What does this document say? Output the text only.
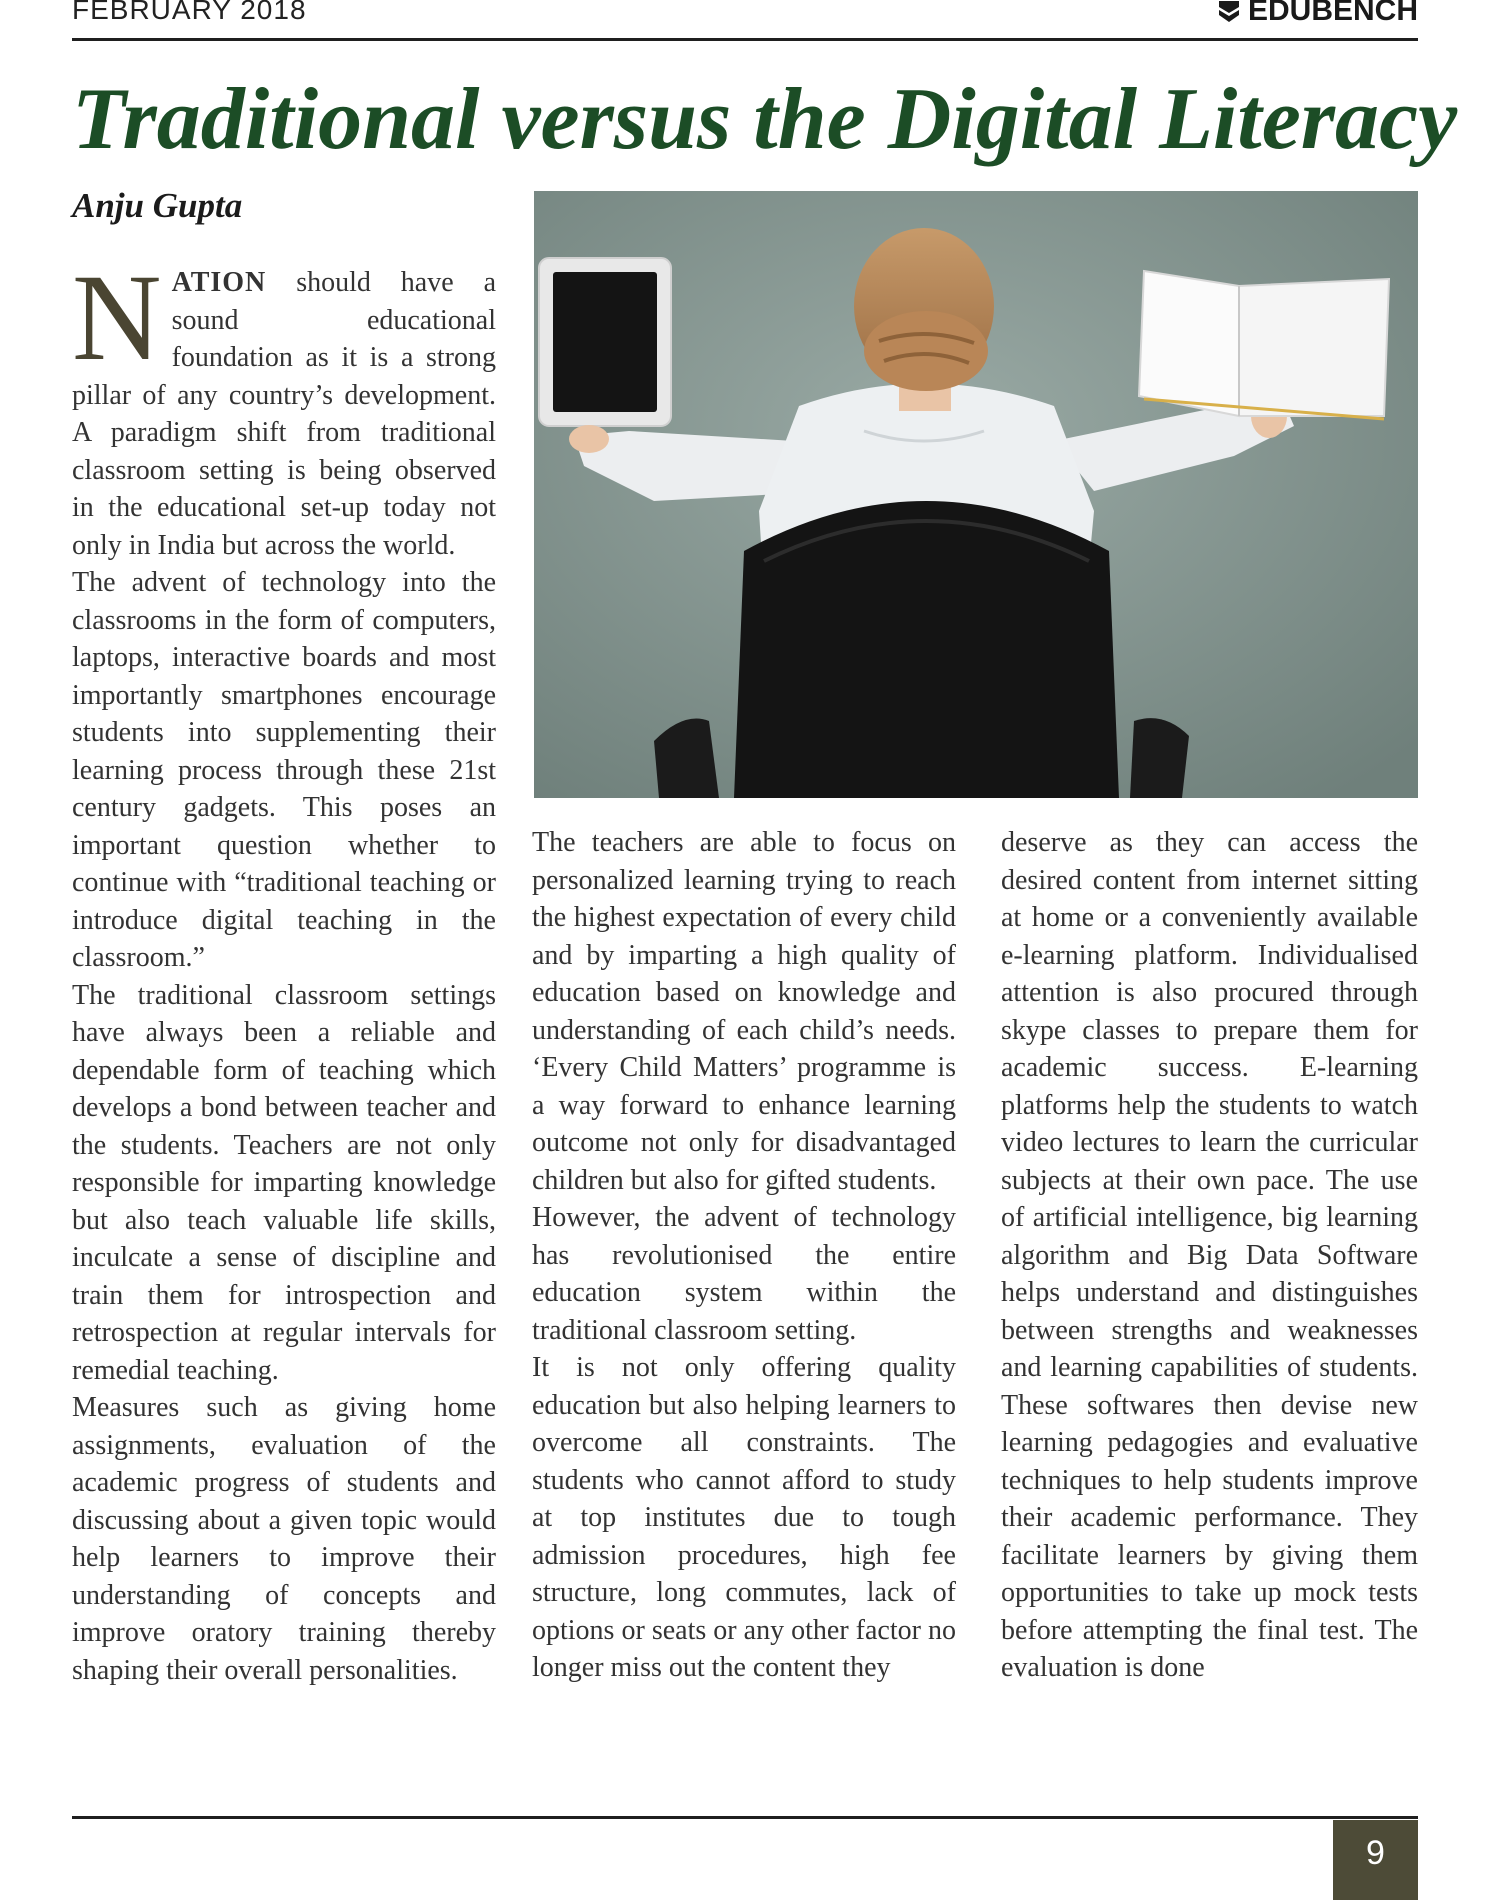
FEBRUARY 2018	EDUBENCH
Traditional versus the Digital Literacy
Anju Gupta

NATION should have a sound educational foundation as it is a strong pillar of any country’s development. A paradigm shift from traditional classroom setting is being observed in the educational set-up today not only in India but across the world.

The advent of technology into the classrooms in the form of computers, laptops, interactive boards and most importantly smartphones encourage students into supplementing their learning process through these 21st century gadgets. This poses an important question whether to continue with “traditional teaching or introduce digital teaching in the classroom.”

The traditional classroom settings have always been a reliable and dependable form of teaching which develops a bond between teacher and the students. Teachers are not only responsible for imparting knowledge but also teach valuable life skills, inculcate a sense of discipline and train them for introspection and retrospection at regular intervals for remedial teaching.

Measures such as giving home assignments, evaluation of the academic progress of students and discussing about a given topic would help learners to improve their understanding of concepts and improve oratory training thereby shaping their overall personalities.

The teachers are able to focus on personalized learning trying to reach the highest expectation of every child and by imparting a high quality of education based on knowledge and understanding of each child’s needs. ‘Every Child Matters’ programme is a way forward to enhance learning outcome not only for disadvantaged children but also for gifted students.

However, the advent of technology has revolutionised the entire education system within the traditional classroom setting.

It is not only offering quality education but also helping learners to overcome all constraints. The students who cannot afford to study at top institutes due to tough admission procedures, high fee structure, long commutes, lack of options or seats or any other factor no longer miss out the content they

deserve as they can access the desired content from internet sitting at home or a conveniently available e-learning platform. Individualised attention is also procured through skype classes to prepare them for academic success. E-learning platforms help the students to watch video lectures to learn the curricular subjects at their own pace. The use of artificial intelligence, big learning algorithm and Big Data Software helps understand and distinguishes between strengths and weaknesses and learning capabilities of students. These softwares then devise new learning pedagogies and evaluative techniques to help students improve their academic performance. They facilitate learners by giving them opportunities to take up mock tests before attempting the final test. The evaluation is done

9
